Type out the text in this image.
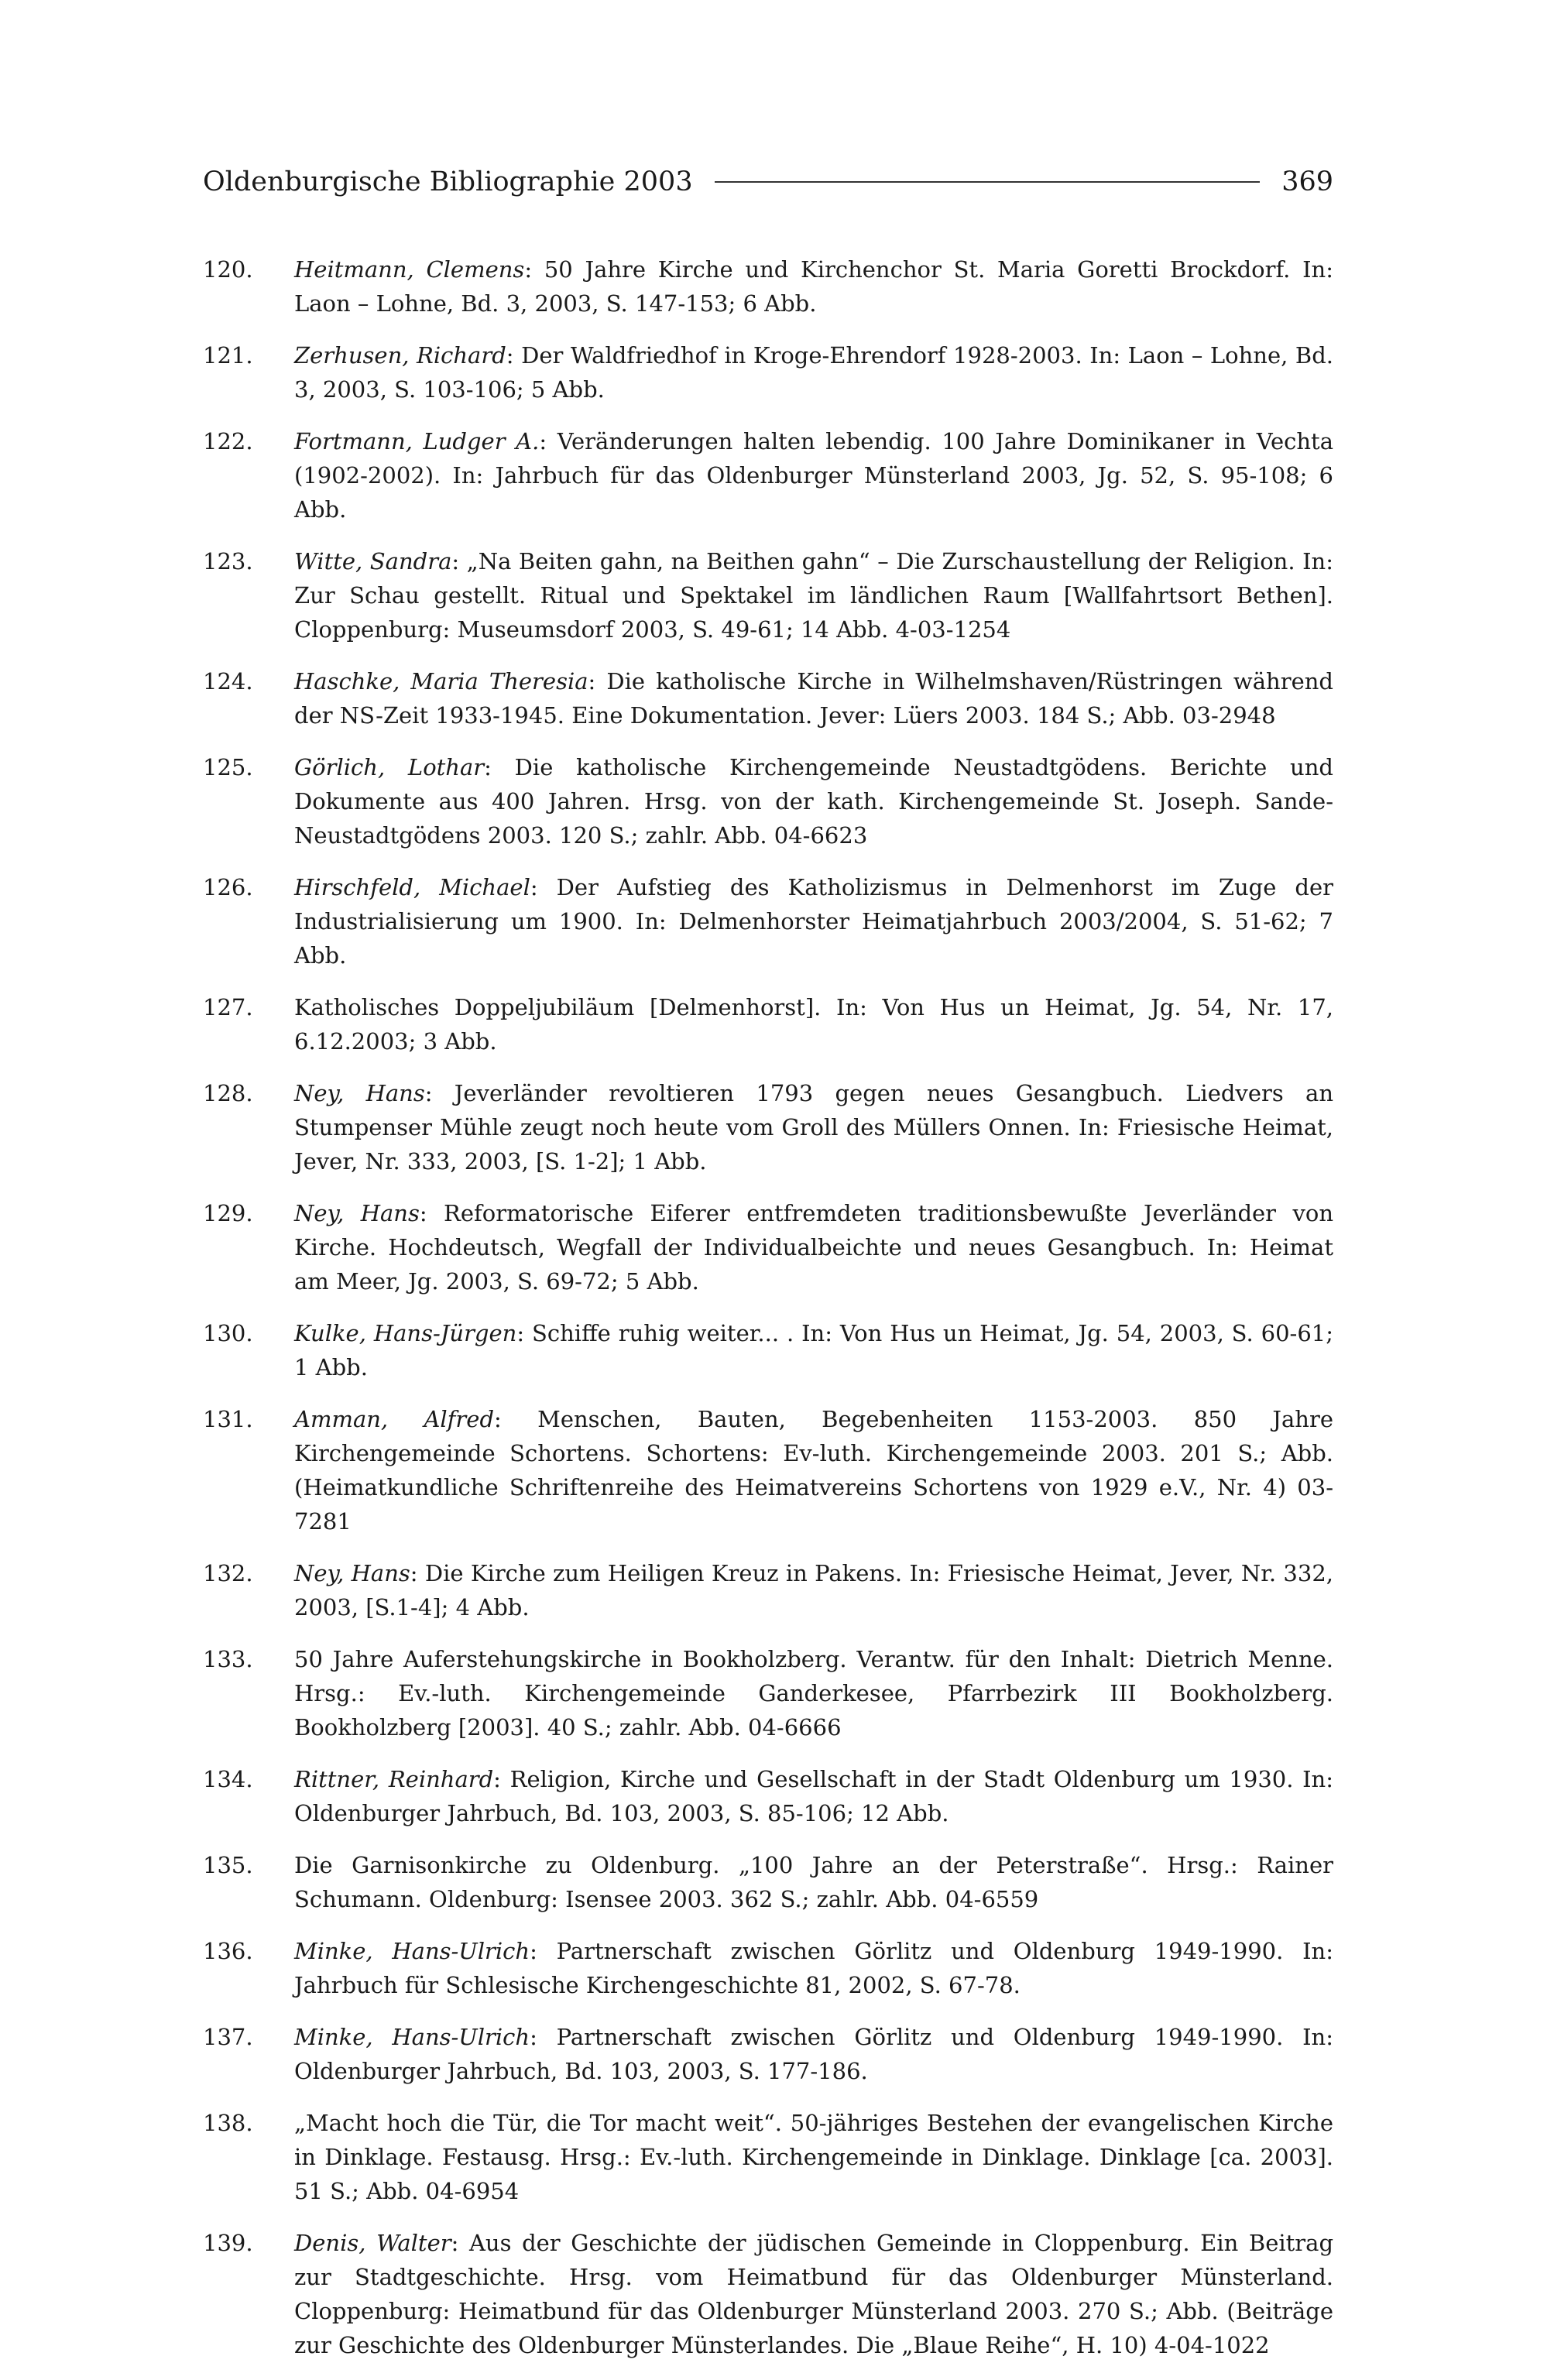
Oldenburgische Bibliographie 2003	369
120.	Heitmann, Clemens: 50 Jahre Kirche und Kirchenchor St. Maria Goretti Brockdorf. In: Laon – Lohne, Bd. 3, 2003, S. 147-153; 6 Abb.
121.	Zerhusen, Richard: Der Waldfriedhof in Kroge-Ehrendorf 1928-2003. In: Laon – Lohne, Bd. 3, 2003, S. 103-106; 5 Abb.
122.	Fortmann, Ludger A.: Veränderungen halten lebendig. 100 Jahre Dominikaner in Vechta (1902-2002). In: Jahrbuch für das Oldenburger Münsterland 2003, Jg. 52, S. 95-108; 6 Abb.
123.	Witte, Sandra: „Na Beiten gahn, na Beithen gahn“ – Die Zurschaustellung der Religion. In: Zur Schau gestellt. Ritual und Spektakel im ländlichen Raum [Wallfahrtsort Bethen]. Cloppenburg: Museumsdorf 2003, S. 49-61; 14 Abb. 4-03-1254
124.	Haschke, Maria Theresia: Die katholische Kirche in Wilhelmshaven/Rüstringen während der NS-Zeit 1933-1945. Eine Dokumentation. Jever: Lüers 2003. 184 S.; Abb. 03-2948
125.	Görlich, Lothar: Die katholische Kirchengemeinde Neustadtgödens. Berichte und Dokumente aus 400 Jahren. Hrsg. von der kath. Kirchengemeinde St. Joseph. Sande-Neustadtgödens 2003. 120 S.; zahlr. Abb. 04-6623
126.	Hirschfeld, Michael: Der Aufstieg des Katholizismus in Delmenhorst im Zuge der Industrialisierung um 1900. In: Delmenhorster Heimatjahrbuch 2003/2004, S. 51-62; 7 Abb.
127.	Katholisches Doppeljubiläum [Delmenhorst]. In: Von Hus un Heimat, Jg. 54, Nr. 17, 6.12.2003; 3 Abb.
128.	Ney, Hans: Jeverländer revoltieren 1793 gegen neues Gesangbuch. Liedvers an Stumpenser Mühle zeugt noch heute vom Groll des Müllers Onnen. In: Friesische Heimat, Jever, Nr. 333, 2003, [S. 1-2]; 1 Abb.
129.	Ney, Hans: Reformatorische Eiferer entfremdeten traditionsbewußte Jeverländer von Kirche. Hochdeutsch, Wegfall der Individualbeichte und neues Gesangbuch. In: Heimat am Meer, Jg. 2003, S. 69-72; 5 Abb.
130.	Kulke, Hans-Jürgen: Schiffe ruhig weiter... . In: Von Hus un Heimat, Jg. 54, 2003, S. 60-61; 1 Abb.
131.	Amman, Alfred: Menschen, Bauten, Begebenheiten 1153-2003. 850 Jahre Kirchengemeinde Schortens. Schortens: Ev-luth. Kirchengemeinde 2003. 201 S.; Abb. (Heimatkundliche Schriftenreihe des Heimatvereins Schortens von 1929 e.V., Nr. 4) 03-7281
132.	Ney, Hans: Die Kirche zum Heiligen Kreuz in Pakens. In: Friesische Heimat, Jever, Nr. 332, 2003, [S.1-4]; 4 Abb.
133.	50 Jahre Auferstehungskirche in Bookholzberg. Verantw. für den Inhalt: Dietrich Menne. Hrsg.: Ev.-luth. Kirchengemeinde Ganderkesee, Pfarrbezirk III Bookholzberg. Bookholzberg [2003]. 40 S.; zahlr. Abb. 04-6666
134.	Rittner, Reinhard: Religion, Kirche und Gesellschaft in der Stadt Oldenburg um 1930. In: Oldenburger Jahrbuch, Bd. 103, 2003, S. 85-106; 12 Abb.
135.	Die Garnisonkirche zu Oldenburg. „100 Jahre an der Peterstraße“. Hrsg.: Rainer Schumann. Oldenburg: Isensee 2003. 362 S.; zahlr. Abb. 04-6559
136.	Minke, Hans-Ulrich: Partnerschaft zwischen Görlitz und Oldenburg 1949-1990. In: Jahrbuch für Schlesische Kirchengeschichte 81, 2002, S. 67-78.
137.	Minke, Hans-Ulrich: Partnerschaft zwischen Görlitz und Oldenburg 1949-1990. In: Oldenburger Jahrbuch, Bd. 103, 2003, S. 177-186.
138.	„Macht hoch die Tür, die Tor macht weit“. 50-jähriges Bestehen der evangelischen Kirche in Dinklage. Festausg. Hrsg.: Ev.-luth. Kirchengemeinde in Dinklage. Dinklage [ca. 2003]. 51 S.; Abb. 04-6954
139.	Denis, Walter: Aus der Geschichte der jüdischen Gemeinde in Cloppenburg. Ein Beitrag zur Stadtgeschichte. Hrsg. vom Heimatbund für das Oldenburger Münsterland. Cloppenburg: Heimatbund für das Oldenburger Münsterland 2003. 270 S.; Abb. (Beiträge zur Geschichte des Oldenburger Münsterlandes. Die „Blaue Reihe“, H. 10) 4-04-1022
